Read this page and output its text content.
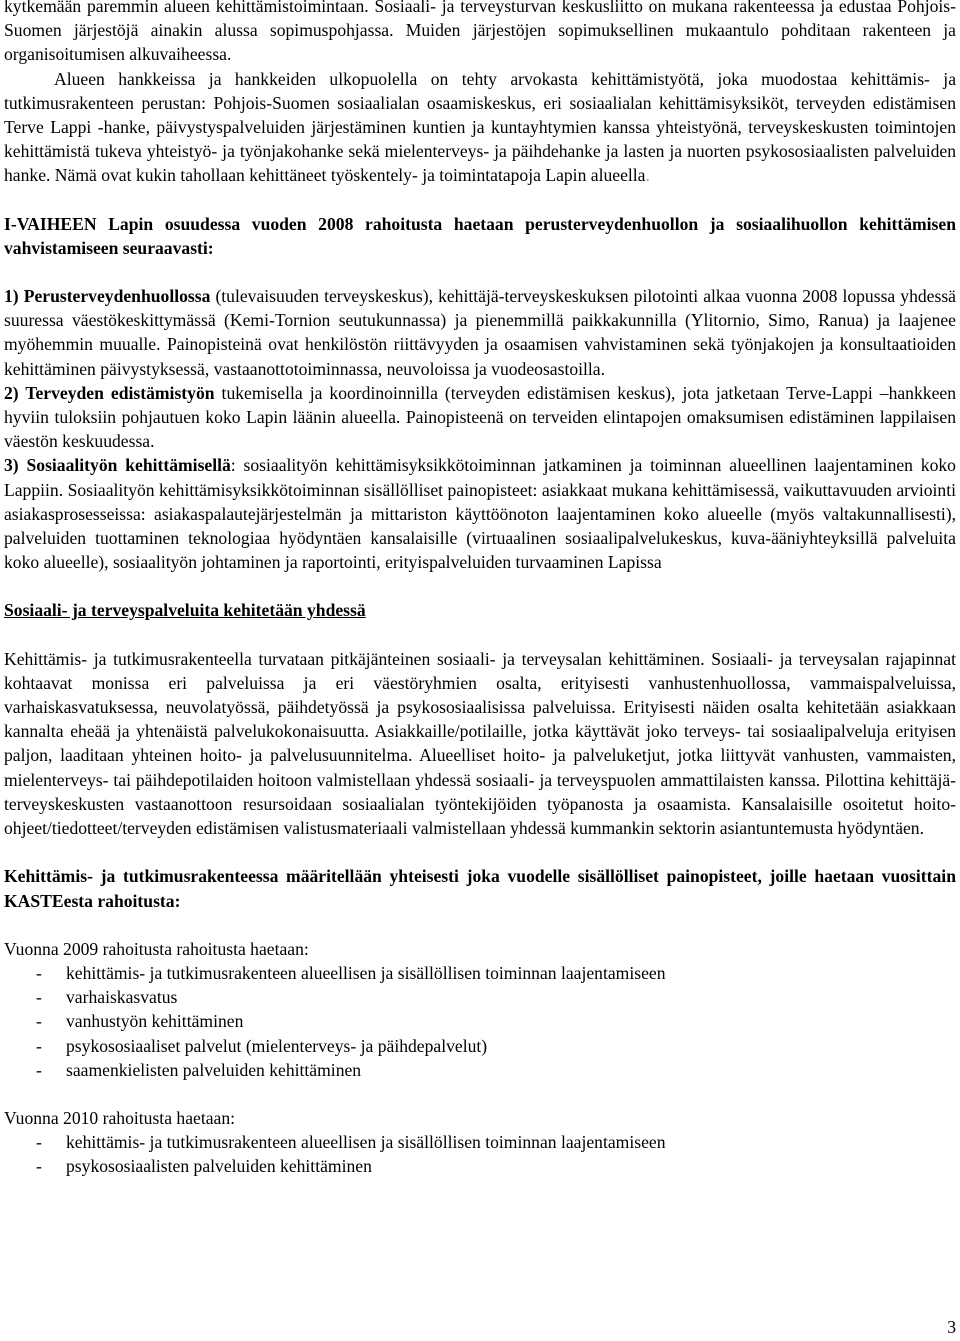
kytkemään paremmin alueen kehittämistoimintaan. Sosiaali- ja terveysturvan keskusliitto on mukana rakenteessa ja edustaa Pohjois-Suomen järjestöjä ainakin alussa sopimuspohjassa. Muiden järjestöjen sopimuksellinen mukaantulo pohditaan rakenteen ja organisoitumisen alkuvaiheessa.

Alueen hankkeissa ja hankkeiden ulkopuolella on tehty arvokasta kehittämistyötä, joka muodostaa kehittämis- ja tutkimusrakenteen perustan: Pohjois-Suomen sosiaalialan osaamiskeskus, eri sosiaalialan kehittämisyksiköt, terveyden edistämisen Terve Lappi -hanke, päivystyspalveluiden järjestäminen kuntien ja kuntayhtymien kanssa yhteistyönä, terveyskeskusten toimintojen kehittämistä tukeva yhteistyö- ja työnjakohanke sekä mielenterveys- ja päihdehanke ja lasten ja nuorten psykososiaalisten palveluiden hanke. Nämä ovat kukin tahollaan kehittäneet työskentely- ja toimintatapoja Lapin alueella.

I-VAIHEEN Lapin osuudessa vuoden 2008 rahoitusta haetaan perusterveydenhuollon ja sosiaalihuollon kehittämisen vahvistamiseen seuraavasti:

1) Perusterveydenhuollossa (tulevaisuuden terveyskeskus), kehittäjä-terveyskeskuksen pilotointi alkaa vuonna 2008 lopussa yhdessä suuressa väestökeskittymässä (Kemi-Tornion seutukunnassa) ja pienemmillä paikkakunnilla (Ylitornio, Simo, Ranua) ja laajenee myöhemmin muualle. Painopisteinä ovat henkilöstön riittävyyden ja osaamisen vahvistaminen sekä työnjakojen ja konsultaatioiden kehittäminen päivystyksessä, vastaanottotoiminnassa, neuvoloissa ja vuodeosastoilla.

2) Terveyden edistämistyön tukemisella ja koordinoinnilla (terveyden edistämisen keskus), jota jatketaan Terve-Lappi –hankkeen hyviin tuloksiin pohjautuen koko Lapin läänin alueella. Painopisteenä on terveiden elintapojen omaksumisen edistäminen lappilaisen väestön keskuudessa.

3) Sosiaalityön kehittämisellä: sosiaalityön kehittämisyksikkötoiminnan jatkaminen ja toiminnan alueellinen laajentaminen koko Lappiin. Sosiaalityön kehittämisyksikkötoiminnan sisällölliset painopisteet: asiakkaat mukana kehittämisessä, vaikuttavuuden arviointi asiakasprosesseissa: asiakaspalautejärjestelmän ja mittariston käyttöönoton laajentaminen koko alueelle (myös valtakunnallisesti), palveluiden tuottaminen teknologiaa hyödyntäen kansalaisille (virtuaalinen sosiaalipalvelukeskus, kuva-ääniyhteyksillä palveluita koko alueelle), sosiaalityön johtaminen ja raportointi, erityispalveluiden turvaaminen Lapissa

Sosiaali- ja terveyspalveluita kehitetään yhdessä

Kehittämis- ja tutkimusrakenteella turvataan pitkäjänteinen sosiaali- ja terveysalan kehittäminen. Sosiaali- ja terveysalan rajapinnat kohtaavat monissa eri palveluissa ja eri väestöryhmien osalta, erityisesti vanhustenhuollossa, vammaispalveluissa, varhaiskasvatuksessa, neuvolatyössä, päihdetyössä ja psykososiaalisissa palveluissa. Erityisesti näiden osalta kehitetään asiakkaan kannalta eheää ja yhtenäistä palvelukokonaisuutta. Asiakkaille/potilaille, jotka käyttävät joko terveys- tai sosiaalipalveluja erityisen paljon, laaditaan yhteinen hoito- ja palvelusuunnitelma. Alueelliset hoito- ja palveluketjut, jotka liittyvät vanhusten, vammaisten, mielenterveys- tai päihdepotilaiden hoitoon valmistellaan yhdessä sosiaali- ja terveyspuolen ammattilaisten kanssa. Pilottina kehittäjä-terveyskeskusten vastaanottoon resursoidaan sosiaalialan työntekijöiden työpanosta ja osaamista. Kansalaisille osoitetut hoito-ohjeet/tiedotteet/terveyden edistämisen valistusmateriaali valmistellaan yhdessä kummankin sektorin asiantuntemusta hyödyntäen.

Kehittämis- ja tutkimusrakenteessa määritellään yhteisesti joka vuodelle sisällölliset painopisteet, joille haetaan vuosittain KASTEesta rahoitusta:

Vuonna 2009 rahoitusta rahoitusta haetaan:

- kehittämis- ja tutkimusrakenteen alueellisen ja sisällöllisen toiminnan laajentamiseen
- varhaiskasvatus
- vanhustyön kehittäminen
- psykososiaaliset palvelut (mielenterveys- ja päihdepalvelut)
- saamenkielisten palveluiden kehittäminen

Vuonna 2010 rahoitusta haetaan:

- kehittämis- ja tutkimusrakenteen alueellisen ja sisällöllisen toiminnan laajentamiseen
- psykososiaalisten palveluiden kehittäminen
3
